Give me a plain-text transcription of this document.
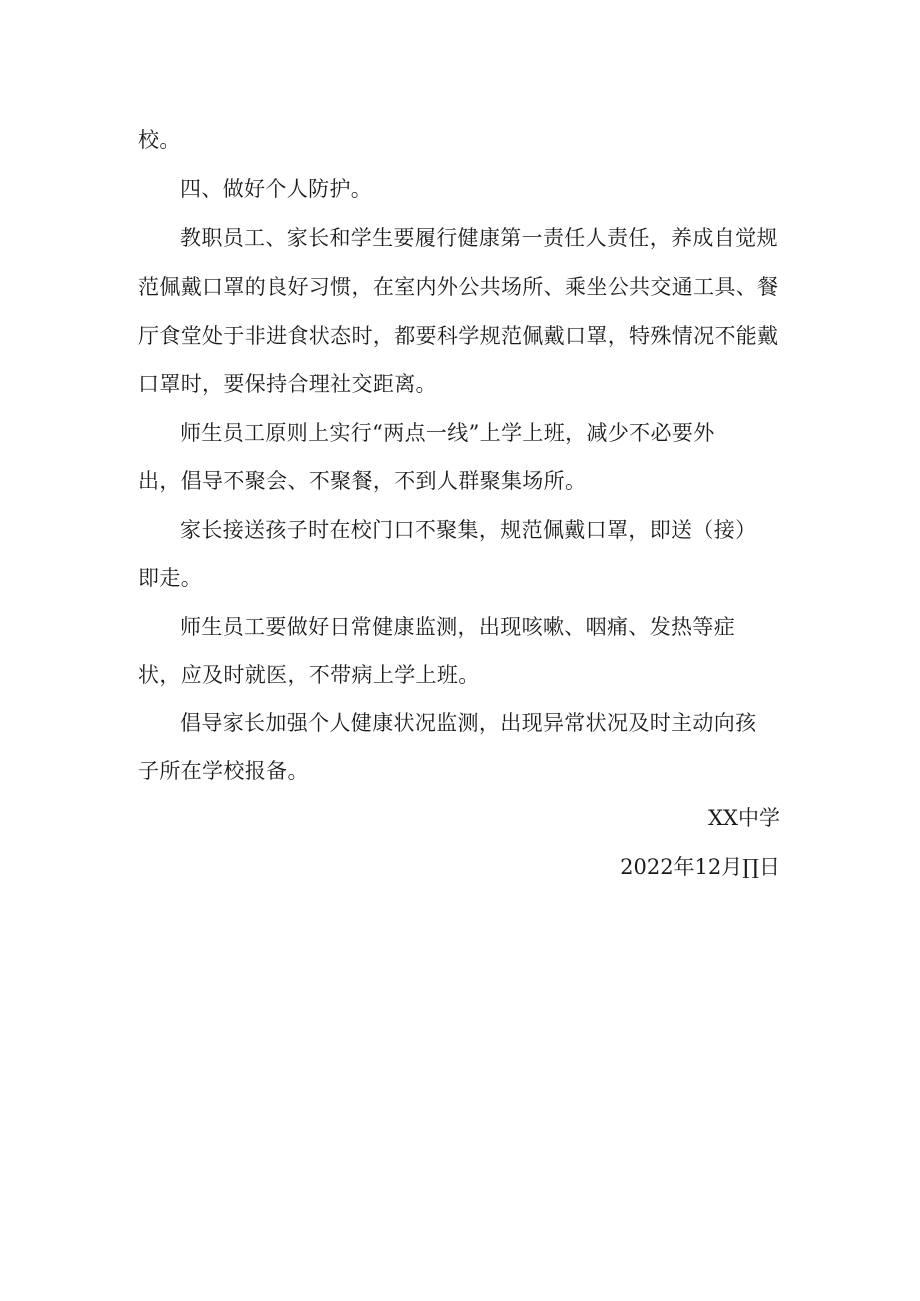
校。
四、做好个人防护。
教职员工、家长和学生要履行健康第一责任人责任，养成自觉规
范佩戴口罩的良好习惯，在室内外公共场所、乘坐公共交通工具、餐
厅食堂处于非进食状态时，都要科学规范佩戴口罩，特殊情况不能戴
口罩时，要保持合理社交距离。
师生员工原则上实行“两点一线”上学上班，减少不必要外
出，倡导不聚会、不聚餐，不到人群聚集场所。
家长接送孩子时在校门口不聚集，规范佩戴口罩，即送（接）
即走。
师生员工要做好日常健康监测，出现咳嗽、咽痛、发热等症
状，应及时就医，不带病上学上班。
倡导家长加强个人健康状况监测，出现异常状况及时主动向孩
子所在学校报备。
XX中学
2022年12月∏日
